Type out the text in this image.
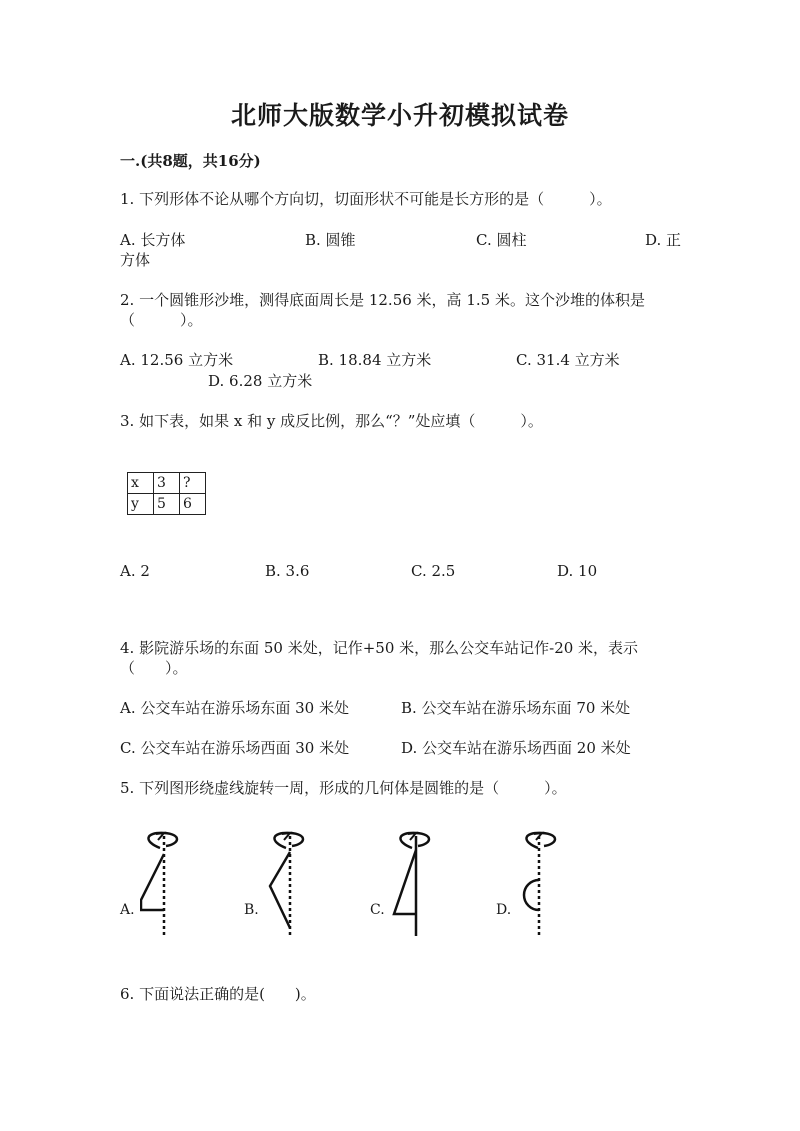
北师大版数学小升初模拟试卷
一.(共8题，共16分)
1. 下列形体不论从哪个方向切，切面形状不可能是长方形的是（　　　）。
A. 长方体	B. 圆锥	C. 圆柱	D. 正
方体
2. 一个圆锥形沙堆，测得底面周长是 12.56 米，高 1.5 米。这个沙堆的体积是
（　　　）。
A. 12.56 立方米	B. 18.84 立方米	C. 31.4 立方米
D. 6.28 立方米
3. 如下表，如果 x 和 y 成反比例，那么“？”处应填（　　　）。
x	3	?
y	5	6
A. 2	B. 3.6	C. 2.5	D. 10
4. 影院游乐场的东面 50 米处，记作+50 米，那么公交车站记作-20 米，表示
（　　）。
A. 公交车站在游乐场东面 30 米处	B. 公交车站在游乐场东面 70 米处
C. 公交车站在游乐场西面 30 米处	D. 公交车站在游乐场西面 20 米处
5. 下列图形绕虚线旋转一周，形成的几何体是圆锥的是（　　　）。
A.	B.	C.	D.
6. 下面说法正确的是(　　)。
